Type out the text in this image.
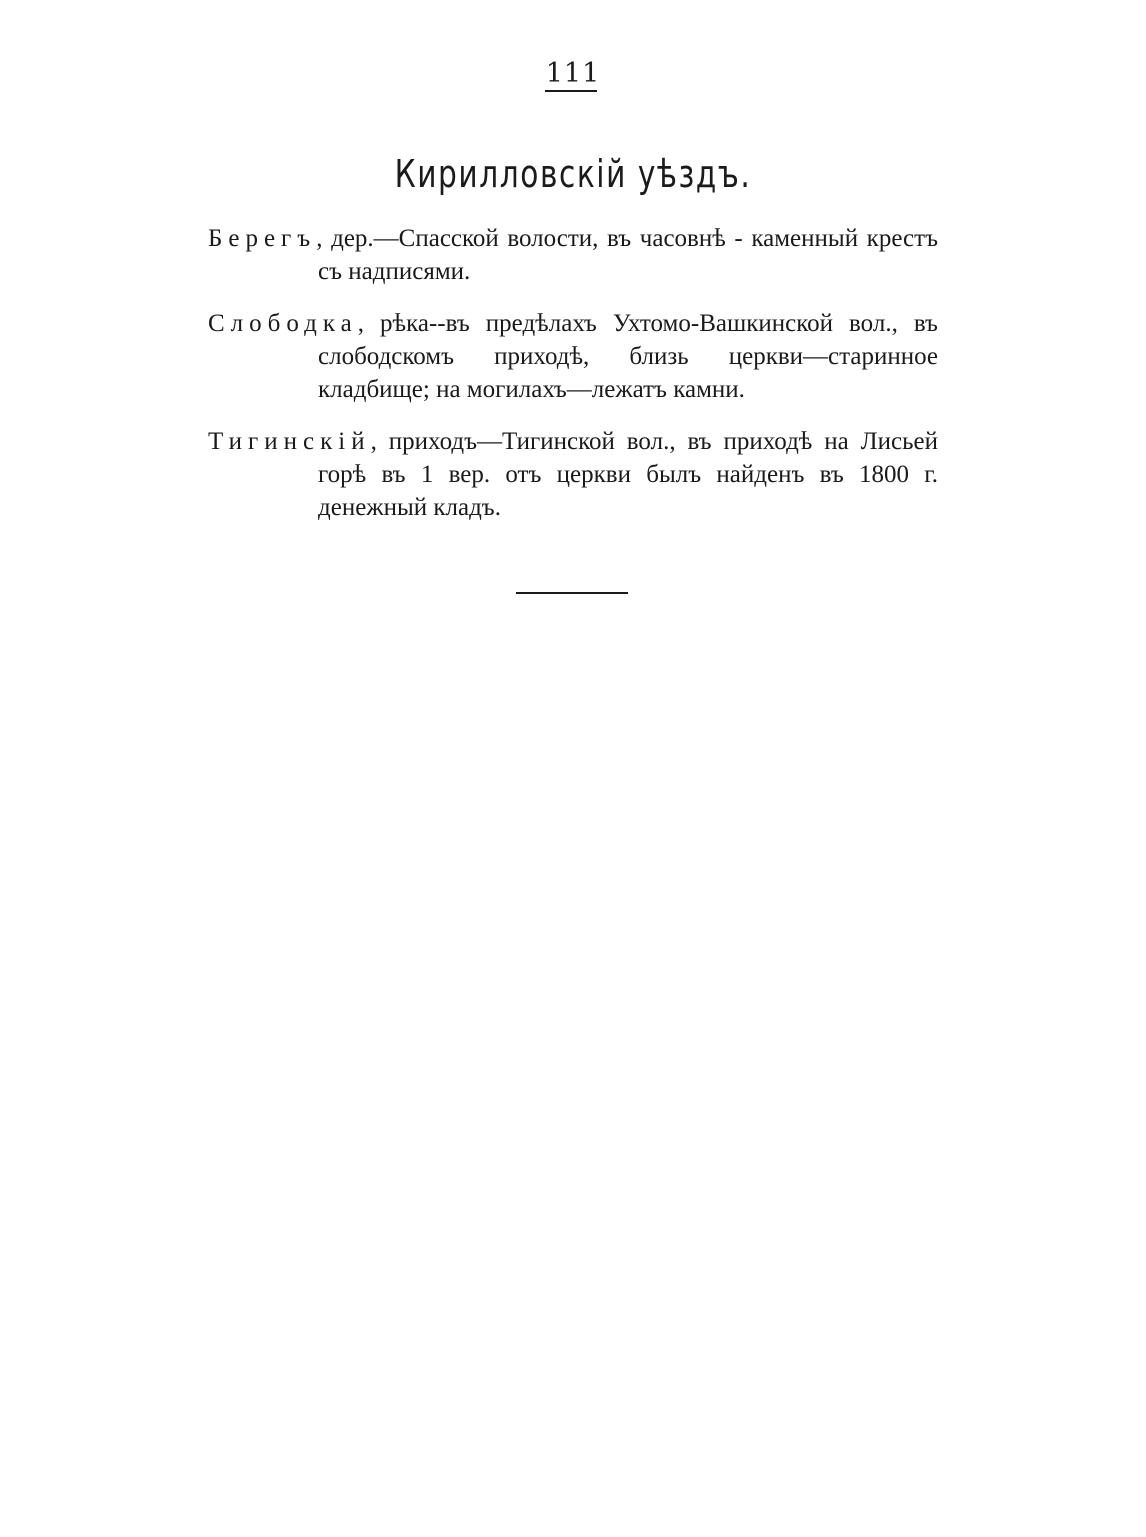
111
Кирилловскій уѣздъ.

Берегъ, дер.—Спасской волости, въ часовнѣ - каменный крестъ съ надписями.

Слободка, рѣка--въ предѣлахъ Ухтомо-Вашкинской вол., въ слободскомъ приходѣ, близь церкви—старинное кладбище; на могилахъ—лежатъ камни.

Тигинскій, приходъ—Тигинской вол., въ приходѣ на Лисьей горѣ въ 1 вер. отъ церкви былъ найденъ въ 1800 г. денежный кладъ.
